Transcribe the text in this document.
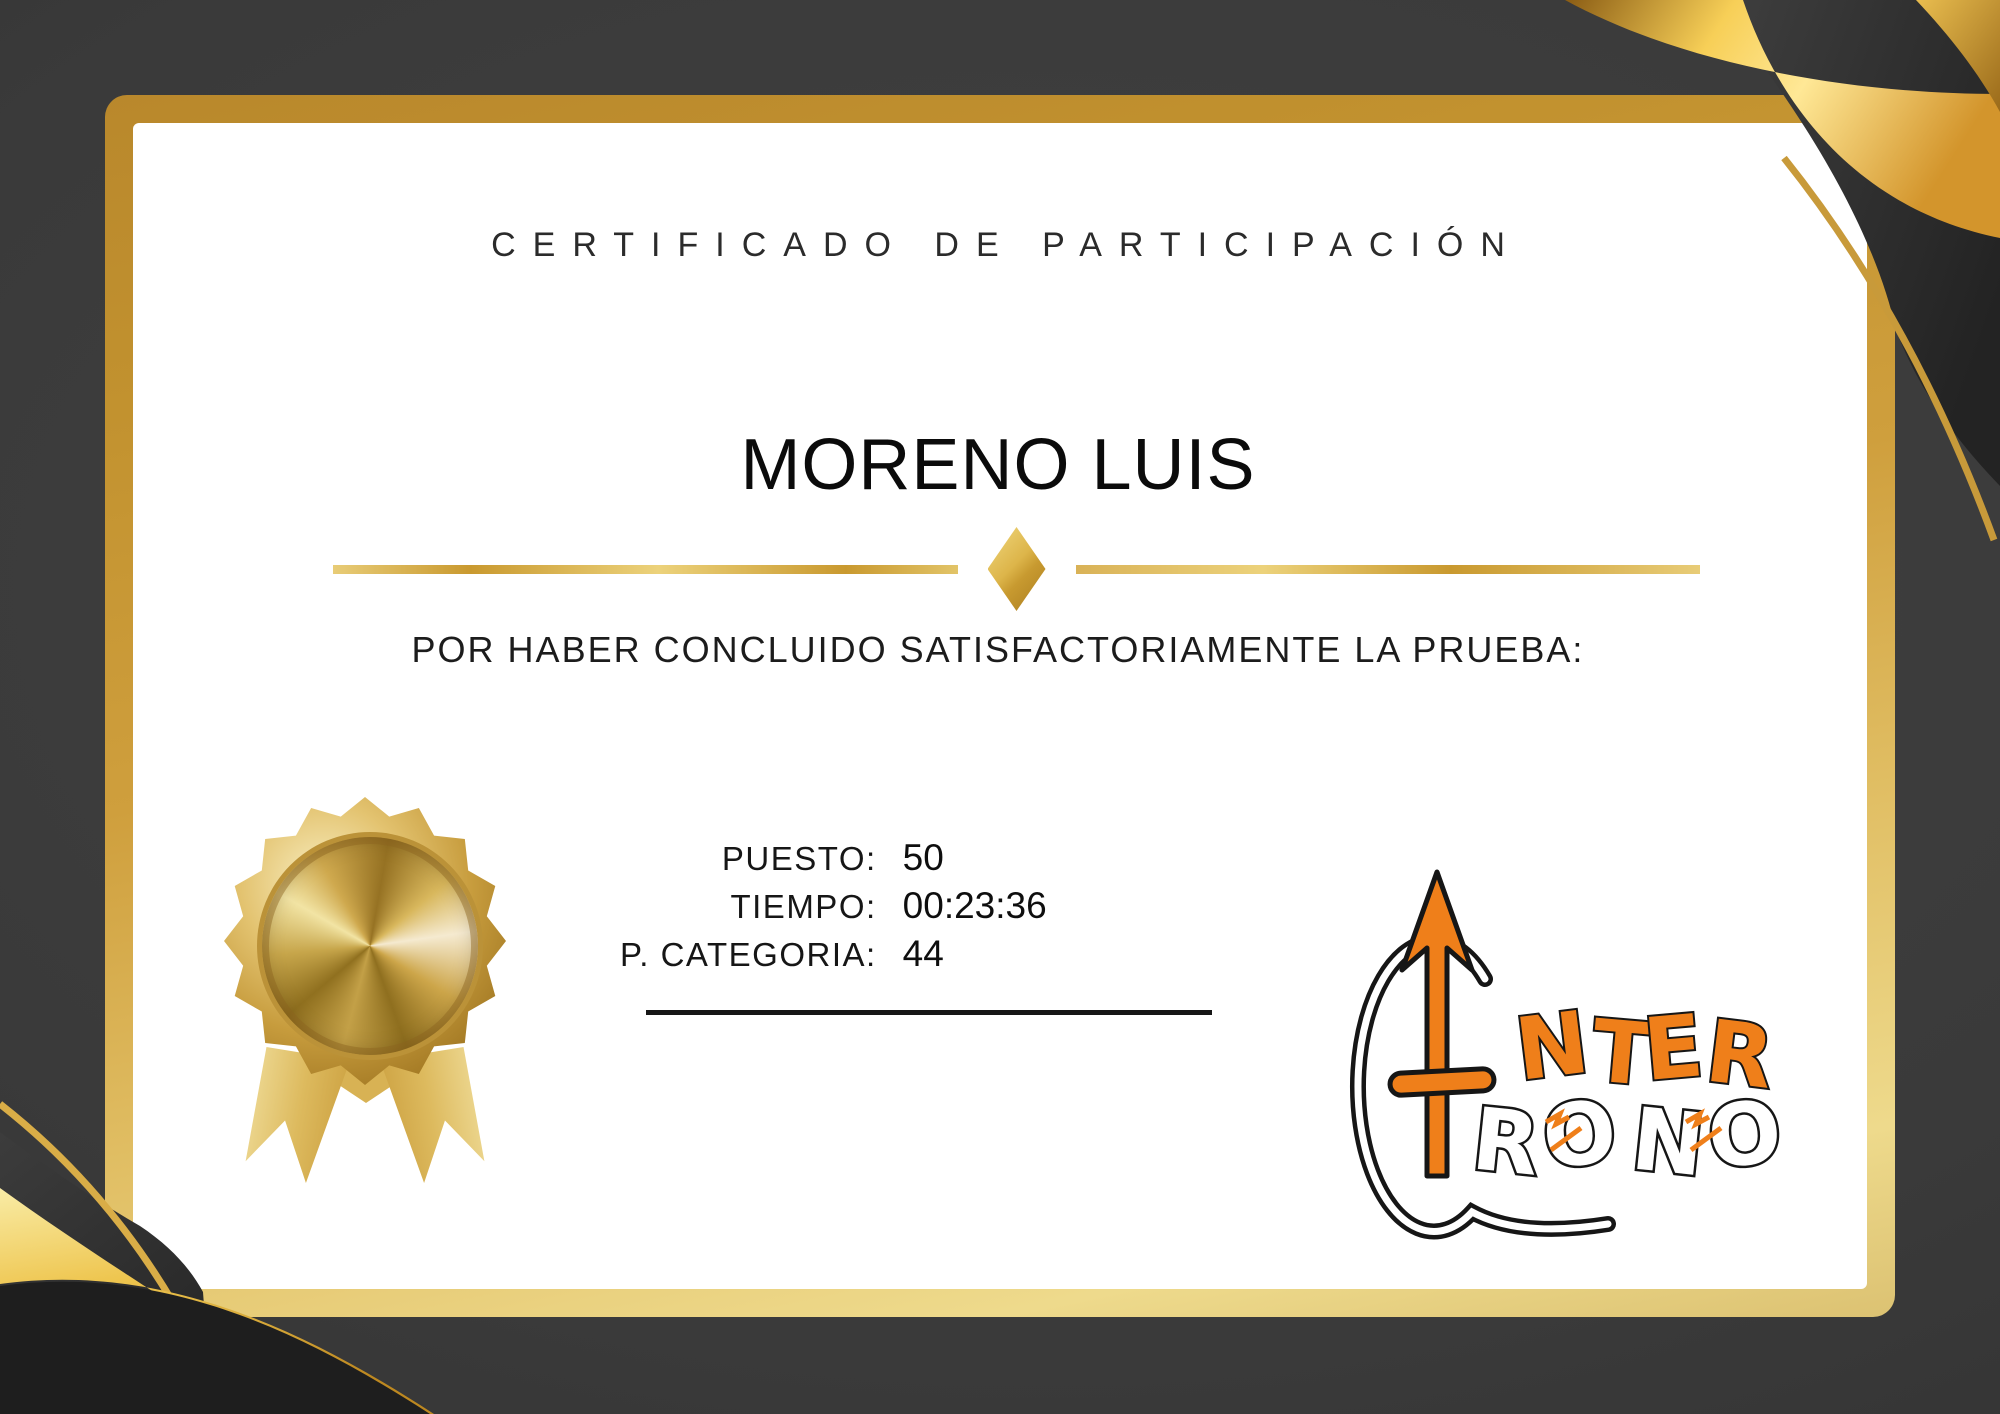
CERTIFICADO DE PARTICIPACIÓN
MORENO LUIS
POR HABER CONCLUIDO SATISFACTORIAMENTE LA PRUEBA:
PUESTO:	50
TIEMPO:	00:23:36
P. CATEGORIA:	44
NTER
RONO
